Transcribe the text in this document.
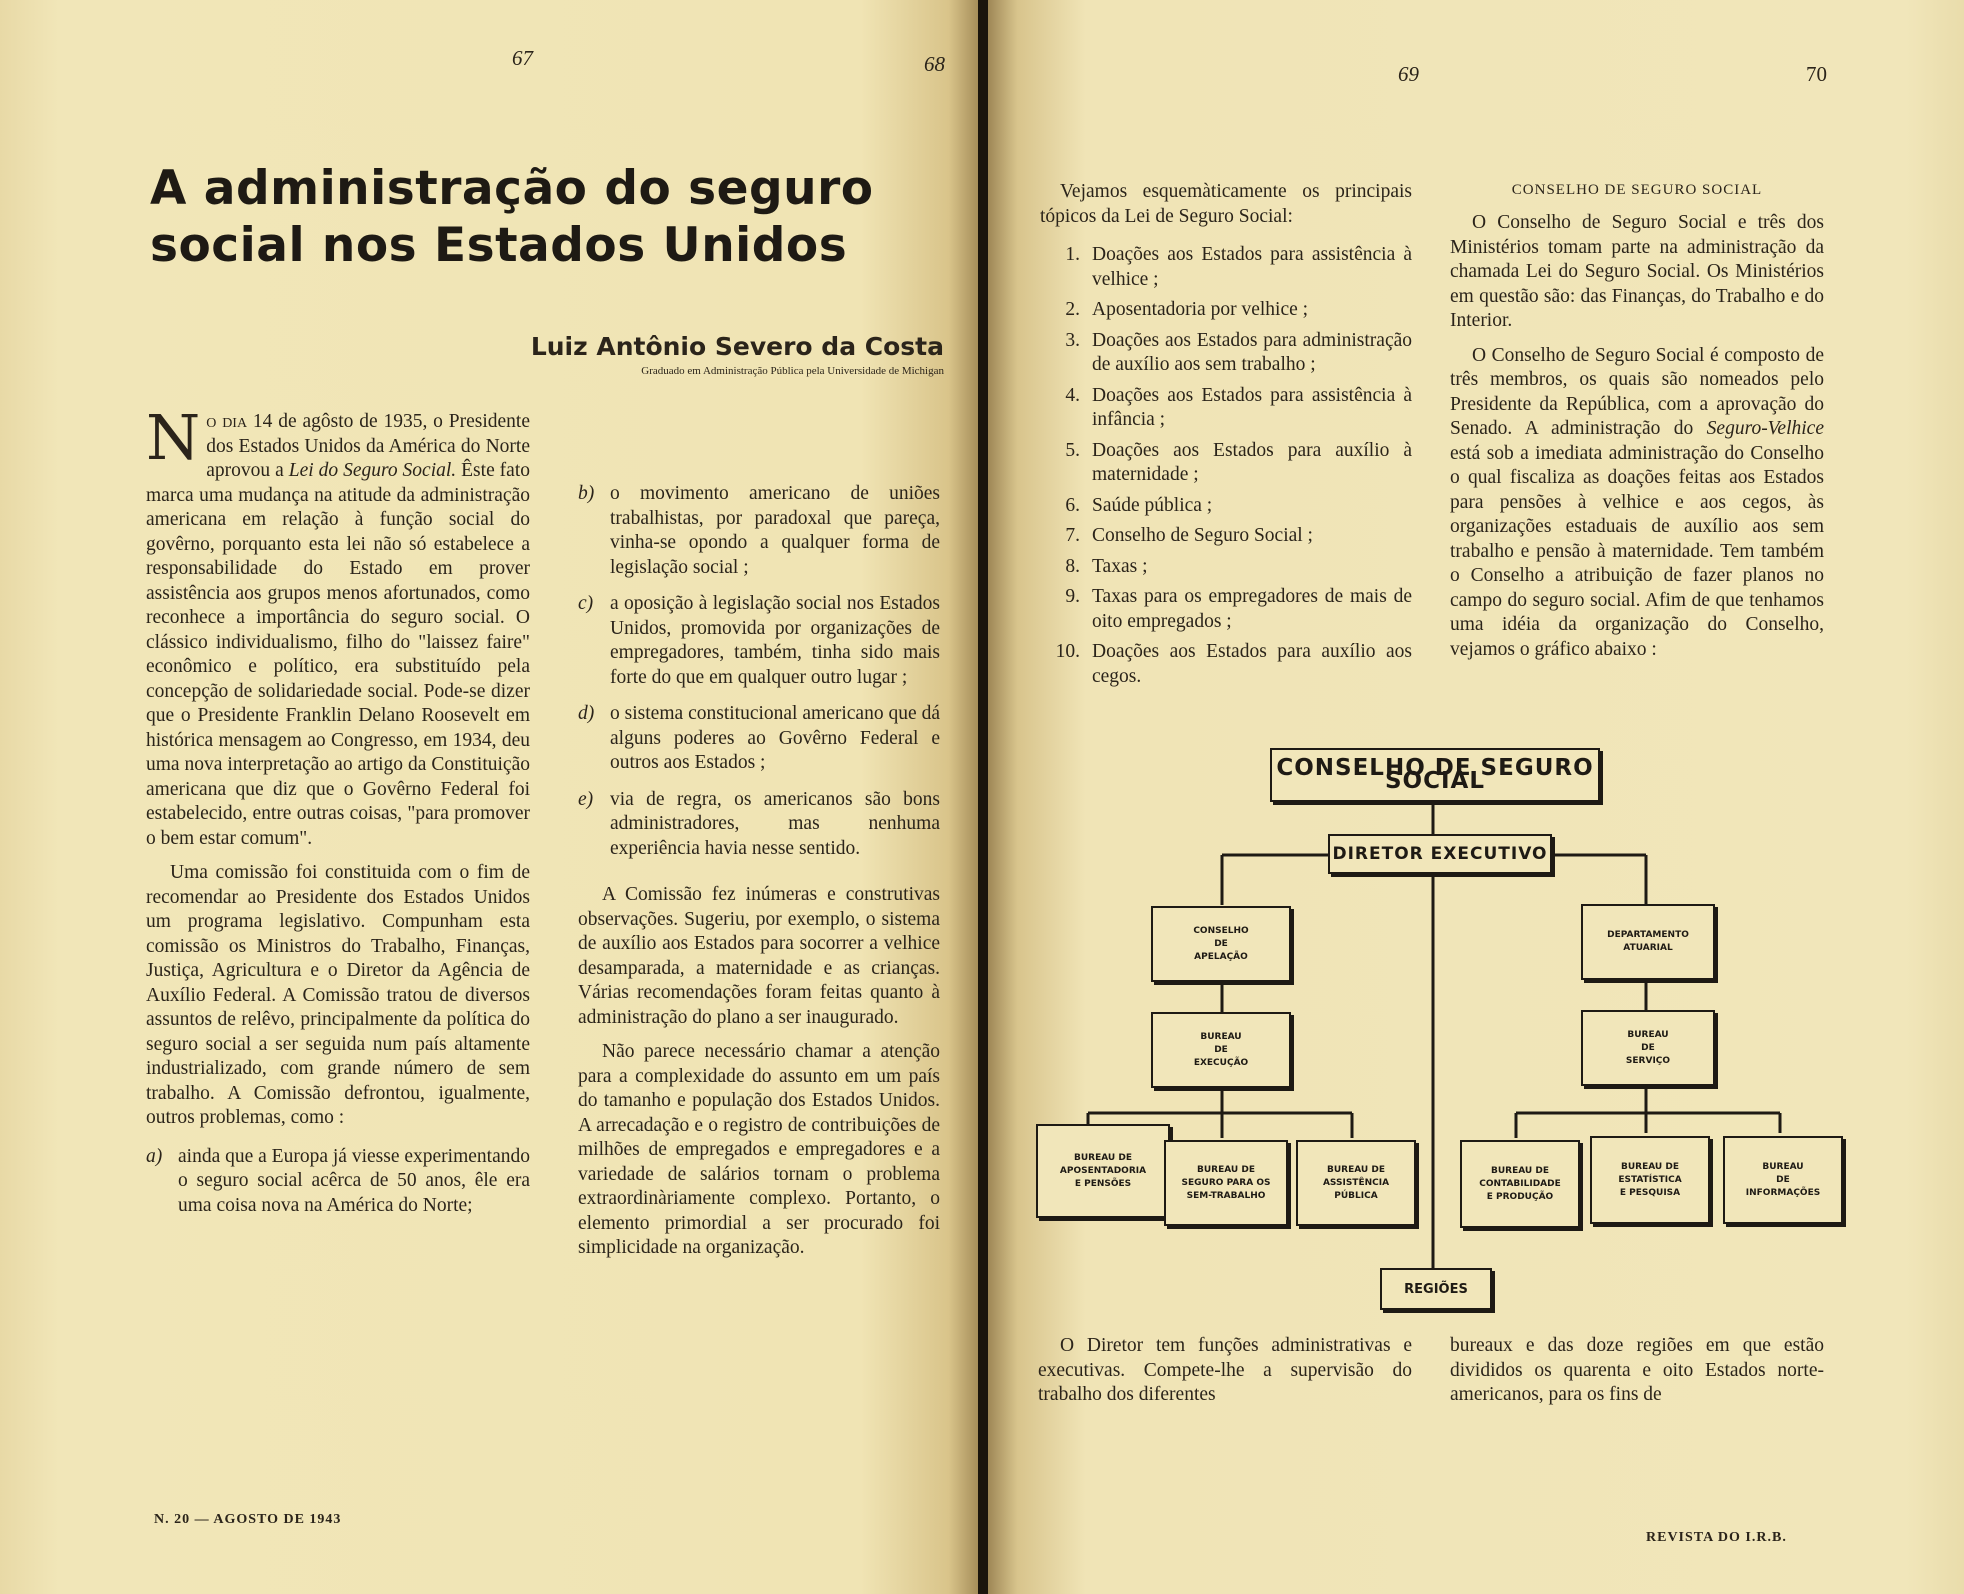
67	68
A administração do seguro social nos Estados Unidos
Luiz Antônio Severo da Costa
Graduado em Administração Pública pela Universidade de Michigan

No dia 14 de agôsto de 1935, o Presidente dos Estados Unidos da América do Norte aprovou a Lei do Seguro Social. Êste fato marca uma mudança na atitude da administração americana em relação à função social do govêrno, porquanto esta lei não só estabelece a responsabilidade do Estado em prover assistência aos grupos menos afortunados, como reconhece a importância do seguro social. O clássico individualismo, filho do "laissez faire" econômico e político, era substituído pela concepção de solidariedade social. Pode-se dizer que o Presidente Franklin Delano Roosevelt em histórica mensagem ao Congresso, em 1934, deu uma nova interpretação ao artigo da Constituição americana que diz que o Govêrno Federal foi estabelecido, entre outras coisas, "para promover o bem estar comum".

Uma comissão foi constituida com o fim de recomendar ao Presidente dos Estados Unidos um programa legislativo. Compunham esta comissão os Ministros do Trabalho, Finanças, Justiça, Agricultura e o Diretor da Agência de Auxílio Federal. A Comissão tratou de diversos assuntos de relêvo, principalmente da política do seguro social a ser seguida num país altamente industrializado, com grande número de sem trabalho. A Comissão defrontou, igualmente, outros problemas, como :

a) ainda que a Europa já viesse experimentando o seguro social acêrca de 50 anos, êle era uma coisa nova na América do Norte;
b) o movimento americano de uniões trabalhistas, por paradoxal que pareça, vinha-se opondo a qualquer forma de legislação social ;
c) a oposição à legislação social nos Estados Unidos, promovida por organizações de empregadores, também, tinha sido mais forte do que em qualquer outro lugar ;
d) o sistema constitucional americano que dá alguns poderes ao Govêrno Federal e outros aos Estados ;
e) via de regra, os americanos são bons administradores, mas nenhuma experiência havia nesse sentido.

A Comissão fez inúmeras e construtivas observações. Sugeriu, por exemplo, o sistema de auxílio aos Estados para socorrer a velhice desamparada, a maternidade e as crianças. Várias recomendações foram feitas quanto à administração do plano a ser inaugurado.

Não parece necessário chamar a atenção para a complexidade do assunto em um país do tamanho e população dos Estados Unidos. A arrecadação e o registro de contribuições de milhões de empregados e empregadores e a variedade de salários tornam o problema extraordinàriamente complexo. Portanto, o elemento primordial a ser procurado foi simplicidade na organização.

N. 20 — AGOSTO DE 1943
69	70

Vejamos esquemàticamente os principais tópicos da Lei de Seguro Social:

1. Doações aos Estados para assistência à velhice ;
2. Aposentadoria por velhice ;
3. Doações aos Estados para administração de auxílio aos sem trabalho ;
4. Doações aos Estados para assistência à infância ;
5. Doações aos Estados para auxílio à maternidade ;
6. Saúde pública ;
7. Conselho de Seguro Social ;
8. Taxas ;
9. Taxas para os empregadores de mais de oito empregados ;
10. Doações aos Estados para auxílio aos cegos.
CONSELHO DE SEGURO SOCIAL

O Conselho de Seguro Social e três dos Ministérios tomam parte na administração da chamada Lei do Seguro Social. Os Ministérios em questão são: das Finanças, do Trabalho e do Interior.

O Conselho de Seguro Social é composto de três membros, os quais são nomeados pelo Presidente da República, com a aprovação do Senado. A administração do Seguro-Velhice está sob a imediata administração do Conselho o qual fiscaliza as doações feitas aos Estados para pensões à velhice e aos cegos, às organizações estaduais de auxílio aos sem trabalho e pensão à maternidade. Tem também o Conselho a atribuição de fazer planos no campo do seguro social. Afim de que tenhamos uma idéia da organização do Conselho, vejamos o gráfico abaixo :

CONSELHO DE SEGURO SOCIAL
DIRETOR EXECUTIVO
CONSELHO
DE
APELAÇÃO
BUREAU
DE
EXECUÇÃO
DEPARTAMENTO
ATUARIAL
BUREAU
DE
SERVIÇO
BUREAU DE
APOSENTADORIA
E PENSÕES
BUREAU DE
SEGURO PARA OS
SEM-TRABALHO
BUREAU DE
ASSISTÊNCIA
PÚBLICA
BUREAU DE
CONTABILIDADE
E PRODUÇÃO
BUREAU DE
ESTATÍSTICA
E PESQUISA
BUREAU
DE
INFORMAÇÕES
REGIÕES

O Diretor tem funções administrativas e executivas. Compete-lhe a supervisão do trabalho dos diferentes

bureaux e das doze regiões em que estão divididos os quarenta e oito Estados norte-americanos, para os fins de

REVISTA DO I.R.B.
